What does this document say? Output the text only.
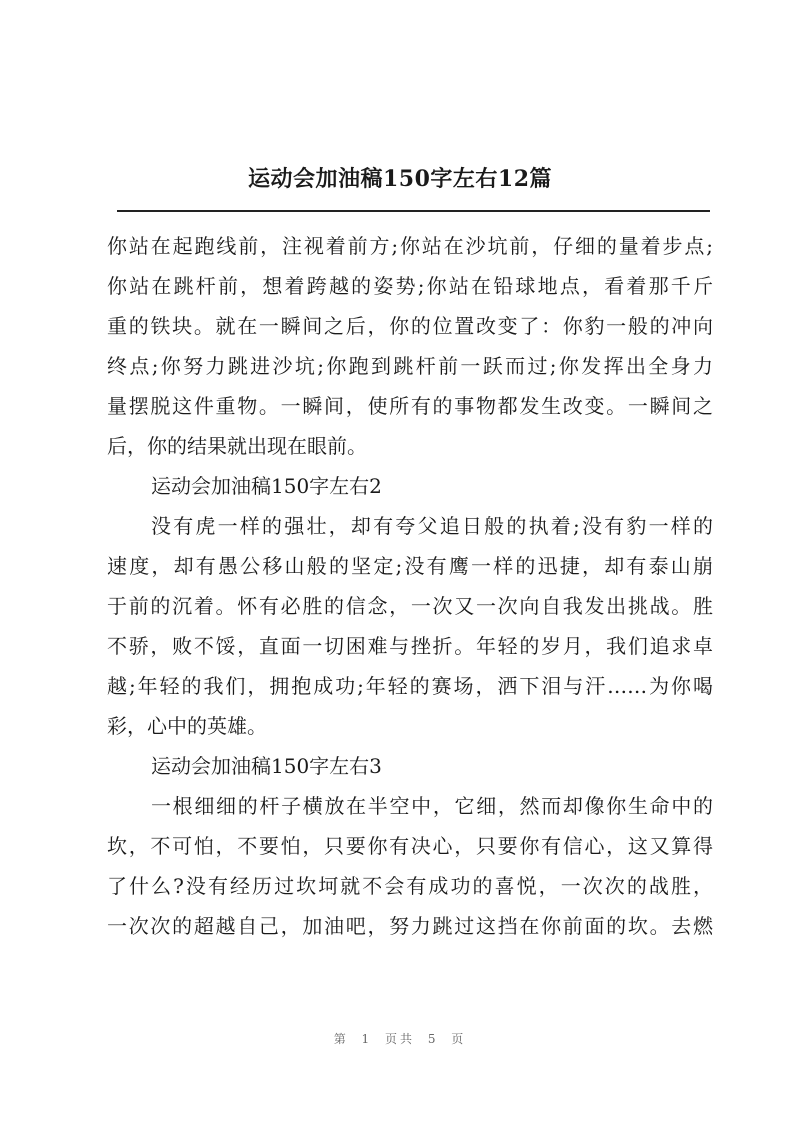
运动会加油稿150字左右12篇
你站在起跑线前，注视着前方;你站在沙坑前，仔细的量着步点;
你站在跳杆前，想着跨越的姿势;你站在铅球地点，看着那千斤
重的铁块。就在一瞬间之后，你的位置改变了：你豹一般的冲向
终点;你努力跳进沙坑;你跑到跳杆前一跃而过;你发挥出全身力
量摆脱这件重物。一瞬间，使所有的事物都发生改变。一瞬间之
后，你的结果就出现在眼前。
运动会加油稿150字左右2
没有虎一样的强壮，却有夸父追日般的执着;没有豹一样的
速度，却有愚公移山般的坚定;没有鹰一样的迅捷，却有泰山崩
于前的沉着。怀有必胜的信念，一次又一次向自我发出挑战。胜
不骄，败不馁，直面一切困难与挫折。年轻的岁月，我们追求卓
越;年轻的我们，拥抱成功;年轻的赛场，洒下泪与汗……为你喝
彩，心中的英雄。
运动会加油稿150字左右3
一根细细的杆子横放在半空中，它细，然而却像你生命中的
坎，不可怕，不要怕，只要你有决心，只要你有信心，这又算得
了什么?没有经历过坎坷就不会有成功的喜悦，一次次的战胜，
一次次的超越自己，加油吧，努力跳过这挡在你前面的坎。去燃
第 1 页共 5 页
